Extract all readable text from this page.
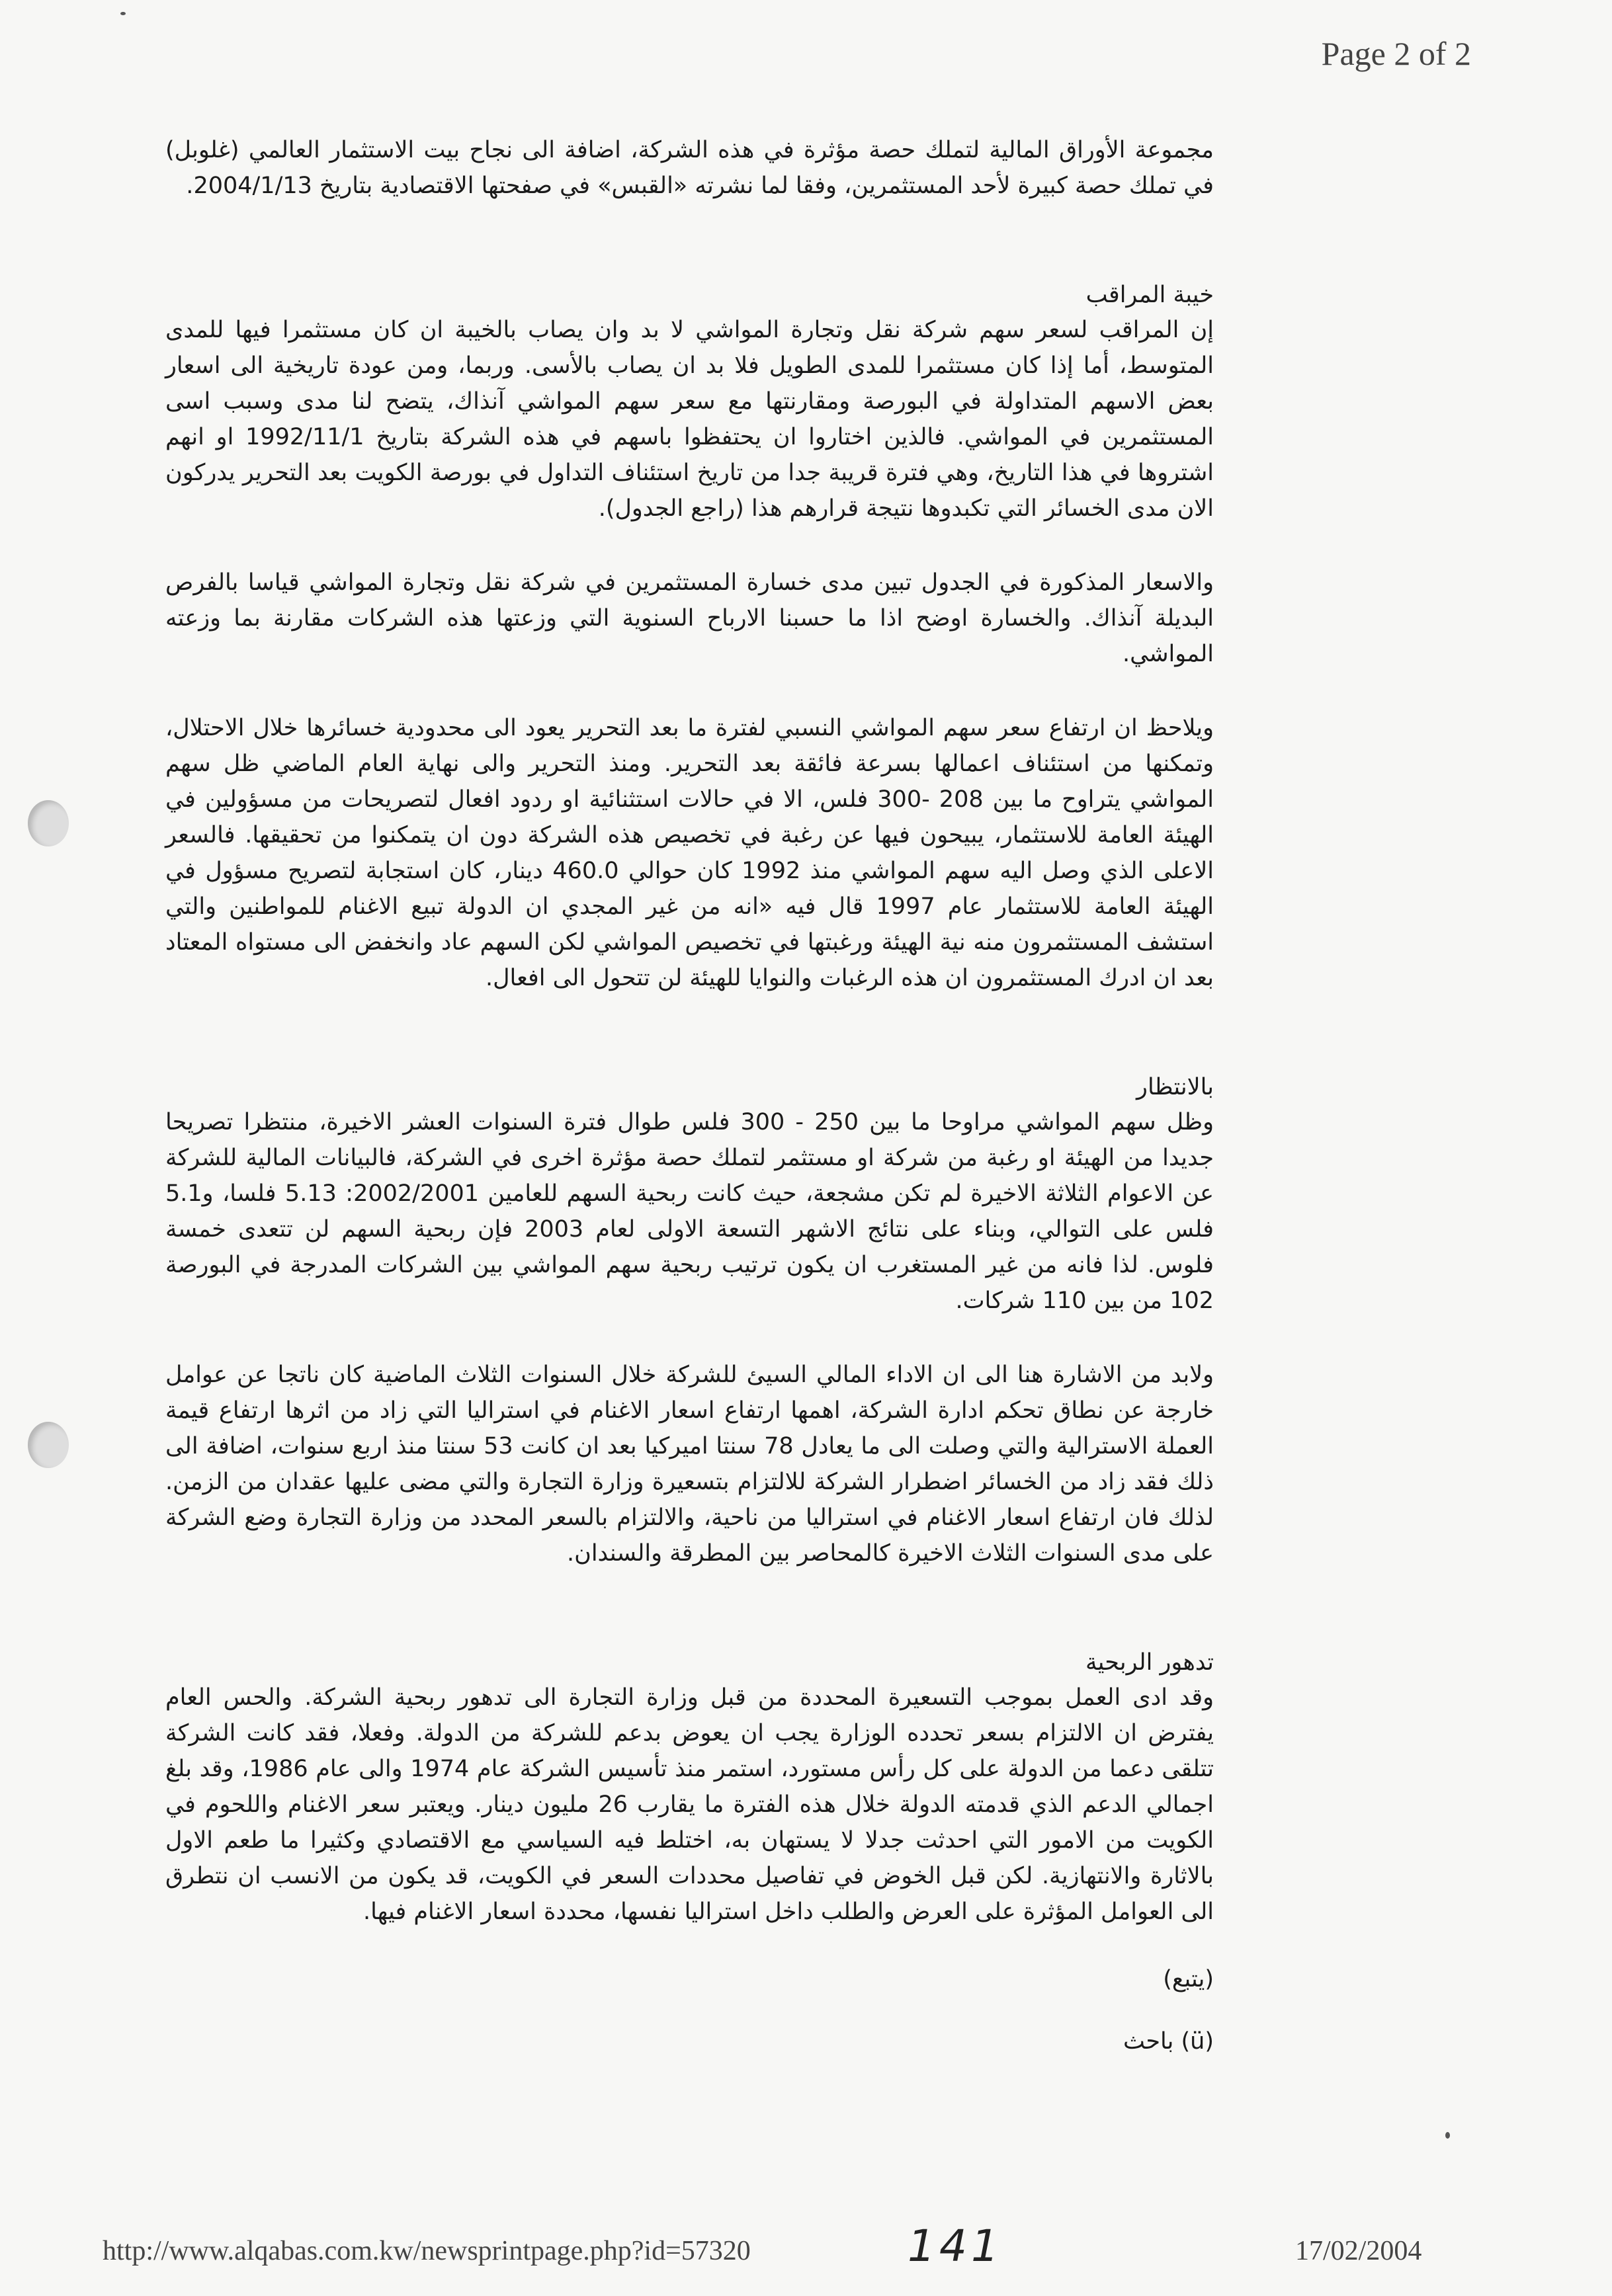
Page 2 of 2

مجموعة الأوراق المالية لتملك حصة مؤثرة في هذه الشركة، اضافة الى نجاح بيت الاستثمار العالمي (غلوبل) في تملك حصة كبيرة لأحد المستثمرين، وفقا لما نشرته «القبس» في صفحتها الاقتصادية بتاريخ 2004/1/13.

خيبة المراقب

إن المراقب لسعر سهم شركة نقل وتجارة المواشي لا بد وان يصاب بالخيبة ان كان مستثمرا فيها للمدى المتوسط، أما إذا كان مستثمرا للمدى الطويل فلا بد ان يصاب بالأسى. وربما، ومن عودة تاريخية الى اسعار بعض الاسهم المتداولة في البورصة ومقارنتها مع سعر سهم المواشي آنذاك، يتضح لنا مدى وسبب اسى المستثمرين في المواشي. فالذين اختاروا ان يحتفظوا باسهم في هذه الشركة بتاريخ 1992/11/1 او انهم اشتروها في هذا التاريخ، وهي فترة قريبة جدا من تاريخ استئناف التداول في بورصة الكويت بعد التحرير يدركون الان مدى الخسائر التي تكبدوها نتيجة قرارهم هذا (راجع الجدول).

والاسعار المذكورة في الجدول تبين مدى خسارة المستثمرين في شركة نقل وتجارة المواشي قياسا بالفرص البديلة آنذاك. والخسارة اوضح اذا ما حسبنا الارباح السنوية التي وزعتها هذه الشركات مقارنة بما وزعته المواشي.

ويلاحظ ان ارتفاع سعر سهم المواشي النسبي لفترة ما بعد التحرير يعود الى محدودية خسائرها خلال الاحتلال، وتمكنها من استئناف اعمالها بسرعة فائقة بعد التحرير. ومنذ التحرير والى نهاية العام الماضي ظل سهم المواشي يتراوح ما بين 208 -300 فلس، الا في حالات استثنائية او ردود افعال لتصريحات من مسؤولين في الهيئة العامة للاستثمار، يبيحون فيها عن رغبة في تخصيص هذه الشركة دون ان يتمكنوا من تحقيقها. فالسعر الاعلى الذي وصل اليه سهم المواشي منذ 1992 كان حوالي 460.0 دينار، كان استجابة لتصريح مسؤول في الهيئة العامة للاستثمار عام 1997 قال فيه «انه من غير المجدي ان الدولة تبيع الاغنام للمواطنين والتي استشف المستثمرون منه نية الهيئة ورغبتها في تخصيص المواشي لكن السهم عاد وانخفض الى مستواه المعتاد بعد ان ادرك المستثمرون ان هذه الرغبات والنوايا للهيئة لن تتحول الى افعال.

بالانتظار

وظل سهم المواشي مراوحا ما بين 250 - 300 فلس طوال فترة السنوات العشر الاخيرة، منتظرا تصريحا جديدا من الهيئة او رغبة من شركة او مستثمر لتملك حصة مؤثرة اخرى في الشركة، فالبيانات المالية للشركة عن الاعوام الثلاثة الاخيرة لم تكن مشجعة، حيث كانت ربحية السهم للعامين 2002/2001: 5.13 فلسا، و5.1 فلس على التوالي، وبناء على نتائج الاشهر التسعة الاولى لعام 2003 فإن ربحية السهم لن تتعدى خمسة فلوس. لذا فانه من غير المستغرب ان يكون ترتيب ربحية سهم المواشي بين الشركات المدرجة في البورصة 102 من بين 110 شركات.

ولابد من الاشارة هنا الى ان الاداء المالي السيئ للشركة خلال السنوات الثلاث الماضية كان ناتجا عن عوامل خارجة عن نطاق تحكم ادارة الشركة، اهمها ارتفاع اسعار الاغنام في استراليا التي زاد من اثرها ارتفاع قيمة العملة الاسترالية والتي وصلت الى ما يعادل 78 سنتا اميركيا بعد ان كانت 53 سنتا منذ اربع سنوات، اضافة الى ذلك فقد زاد من الخسائر اضطرار الشركة للالتزام بتسعيرة وزارة التجارة والتي مضى عليها عقدان من الزمن. لذلك فان ارتفاع اسعار الاغنام في استراليا من ناحية، والالتزام بالسعر المحدد من وزارة التجارة وضع الشركة على مدى السنوات الثلاث الاخيرة كالمحاصر بين المطرقة والسندان.

تدهور الربحية

وقد ادى العمل بموجب التسعيرة المحددة من قبل وزارة التجارة الى تدهور ربحية الشركة. والحس العام يفترض ان الالتزام بسعر تحدده الوزارة يجب ان يعوض بدعم للشركة من الدولة. وفعلا، فقد كانت الشركة تتلقى دعما من الدولة على كل رأس مستورد، استمر منذ تأسيس الشركة عام 1974 والى عام 1986، وقد بلغ اجمالي الدعم الذي قدمته الدولة خلال هذه الفترة ما يقارب 26 مليون دينار. ويعتبر سعر الاغنام واللحوم في الكويت من الامور التي احدثت جدلا لا يستهان به، اختلط فيه السياسي مع الاقتصادي وكثيرا ما طعم الاول بالاثارة والانتهازية. لكن قبل الخوض في تفاصيل محددات السعر في الكويت، قد يكون من الانسب ان نتطرق الى العوامل المؤثرة على العرض والطلب داخل استراليا نفسها، محددة اسعار الاغنام فيها.

(يتبع)

(ü) باحث

http://www.alqabas.com.kw/newsprintpage.php?id=57320	141	17/02/2004
